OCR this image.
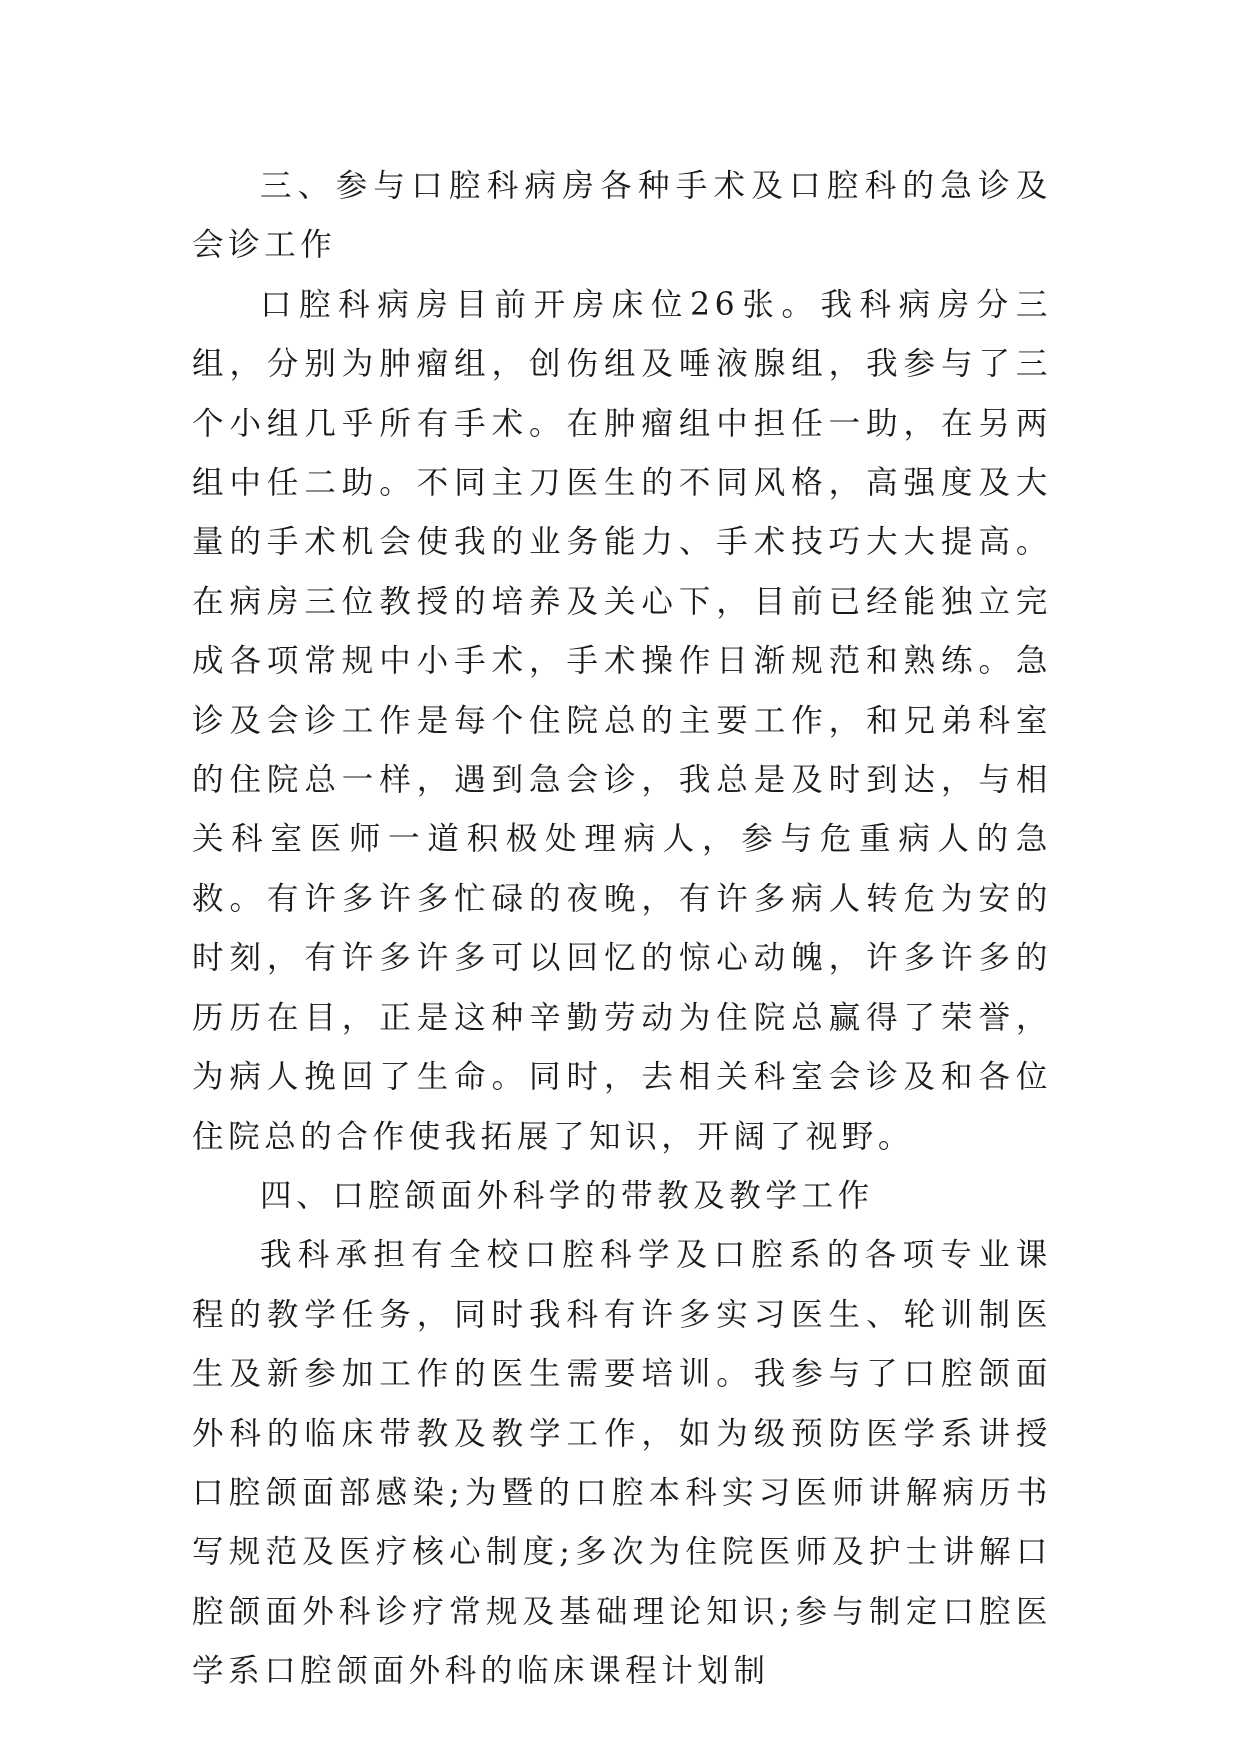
三、参与口腔科病房各种手术及口腔科的急诊及会诊工作

口腔科病房目前开房床位26张。我科病房分三组，分别为肿瘤组，创伤组及唾液腺组，我参与了三个小组几乎所有手术。在肿瘤组中担任一助，在另两组中任二助。不同主刀医生的不同风格，高强度及大量的手术机会使我的业务能力、手术技巧大大提高。在病房三位教授的培养及关心下，目前已经能独立完成各项常规中小手术，手术操作日渐规范和熟练。急诊及会诊工作是每个住院总的主要工作，和兄弟科室的住院总一样，遇到急会诊，我总是及时到达，与相关科室医师一道积极处理病人，参与危重病人的急救。有许多许多忙碌的夜晚，有许多病人转危为安的时刻，有许多许多可以回忆的惊心动魄，许多许多的历历在目，正是这种辛勤劳动为住院总赢得了荣誉，为病人挽回了生命。同时，去相关科室会诊及和各位住院总的合作使我拓展了知识，开阔了视野。

四、口腔颌面外科学的带教及教学工作

我科承担有全校口腔科学及口腔系的各项专业课程的教学任务，同时我科有许多实习医生、轮训制医生及新参加工作的医生需要培训。我参与了口腔颌面外科的临床带教及教学工作，如为级预防医学系讲授口腔颌面部感染;为暨的口腔本科实习医师讲解病历书写规范及医疗核心制度;多次为住院医师及护士讲解口腔颌面外科诊疗常规及基础理论知识;参与制定口腔医学系口腔颌面外科的临床课程计划制
